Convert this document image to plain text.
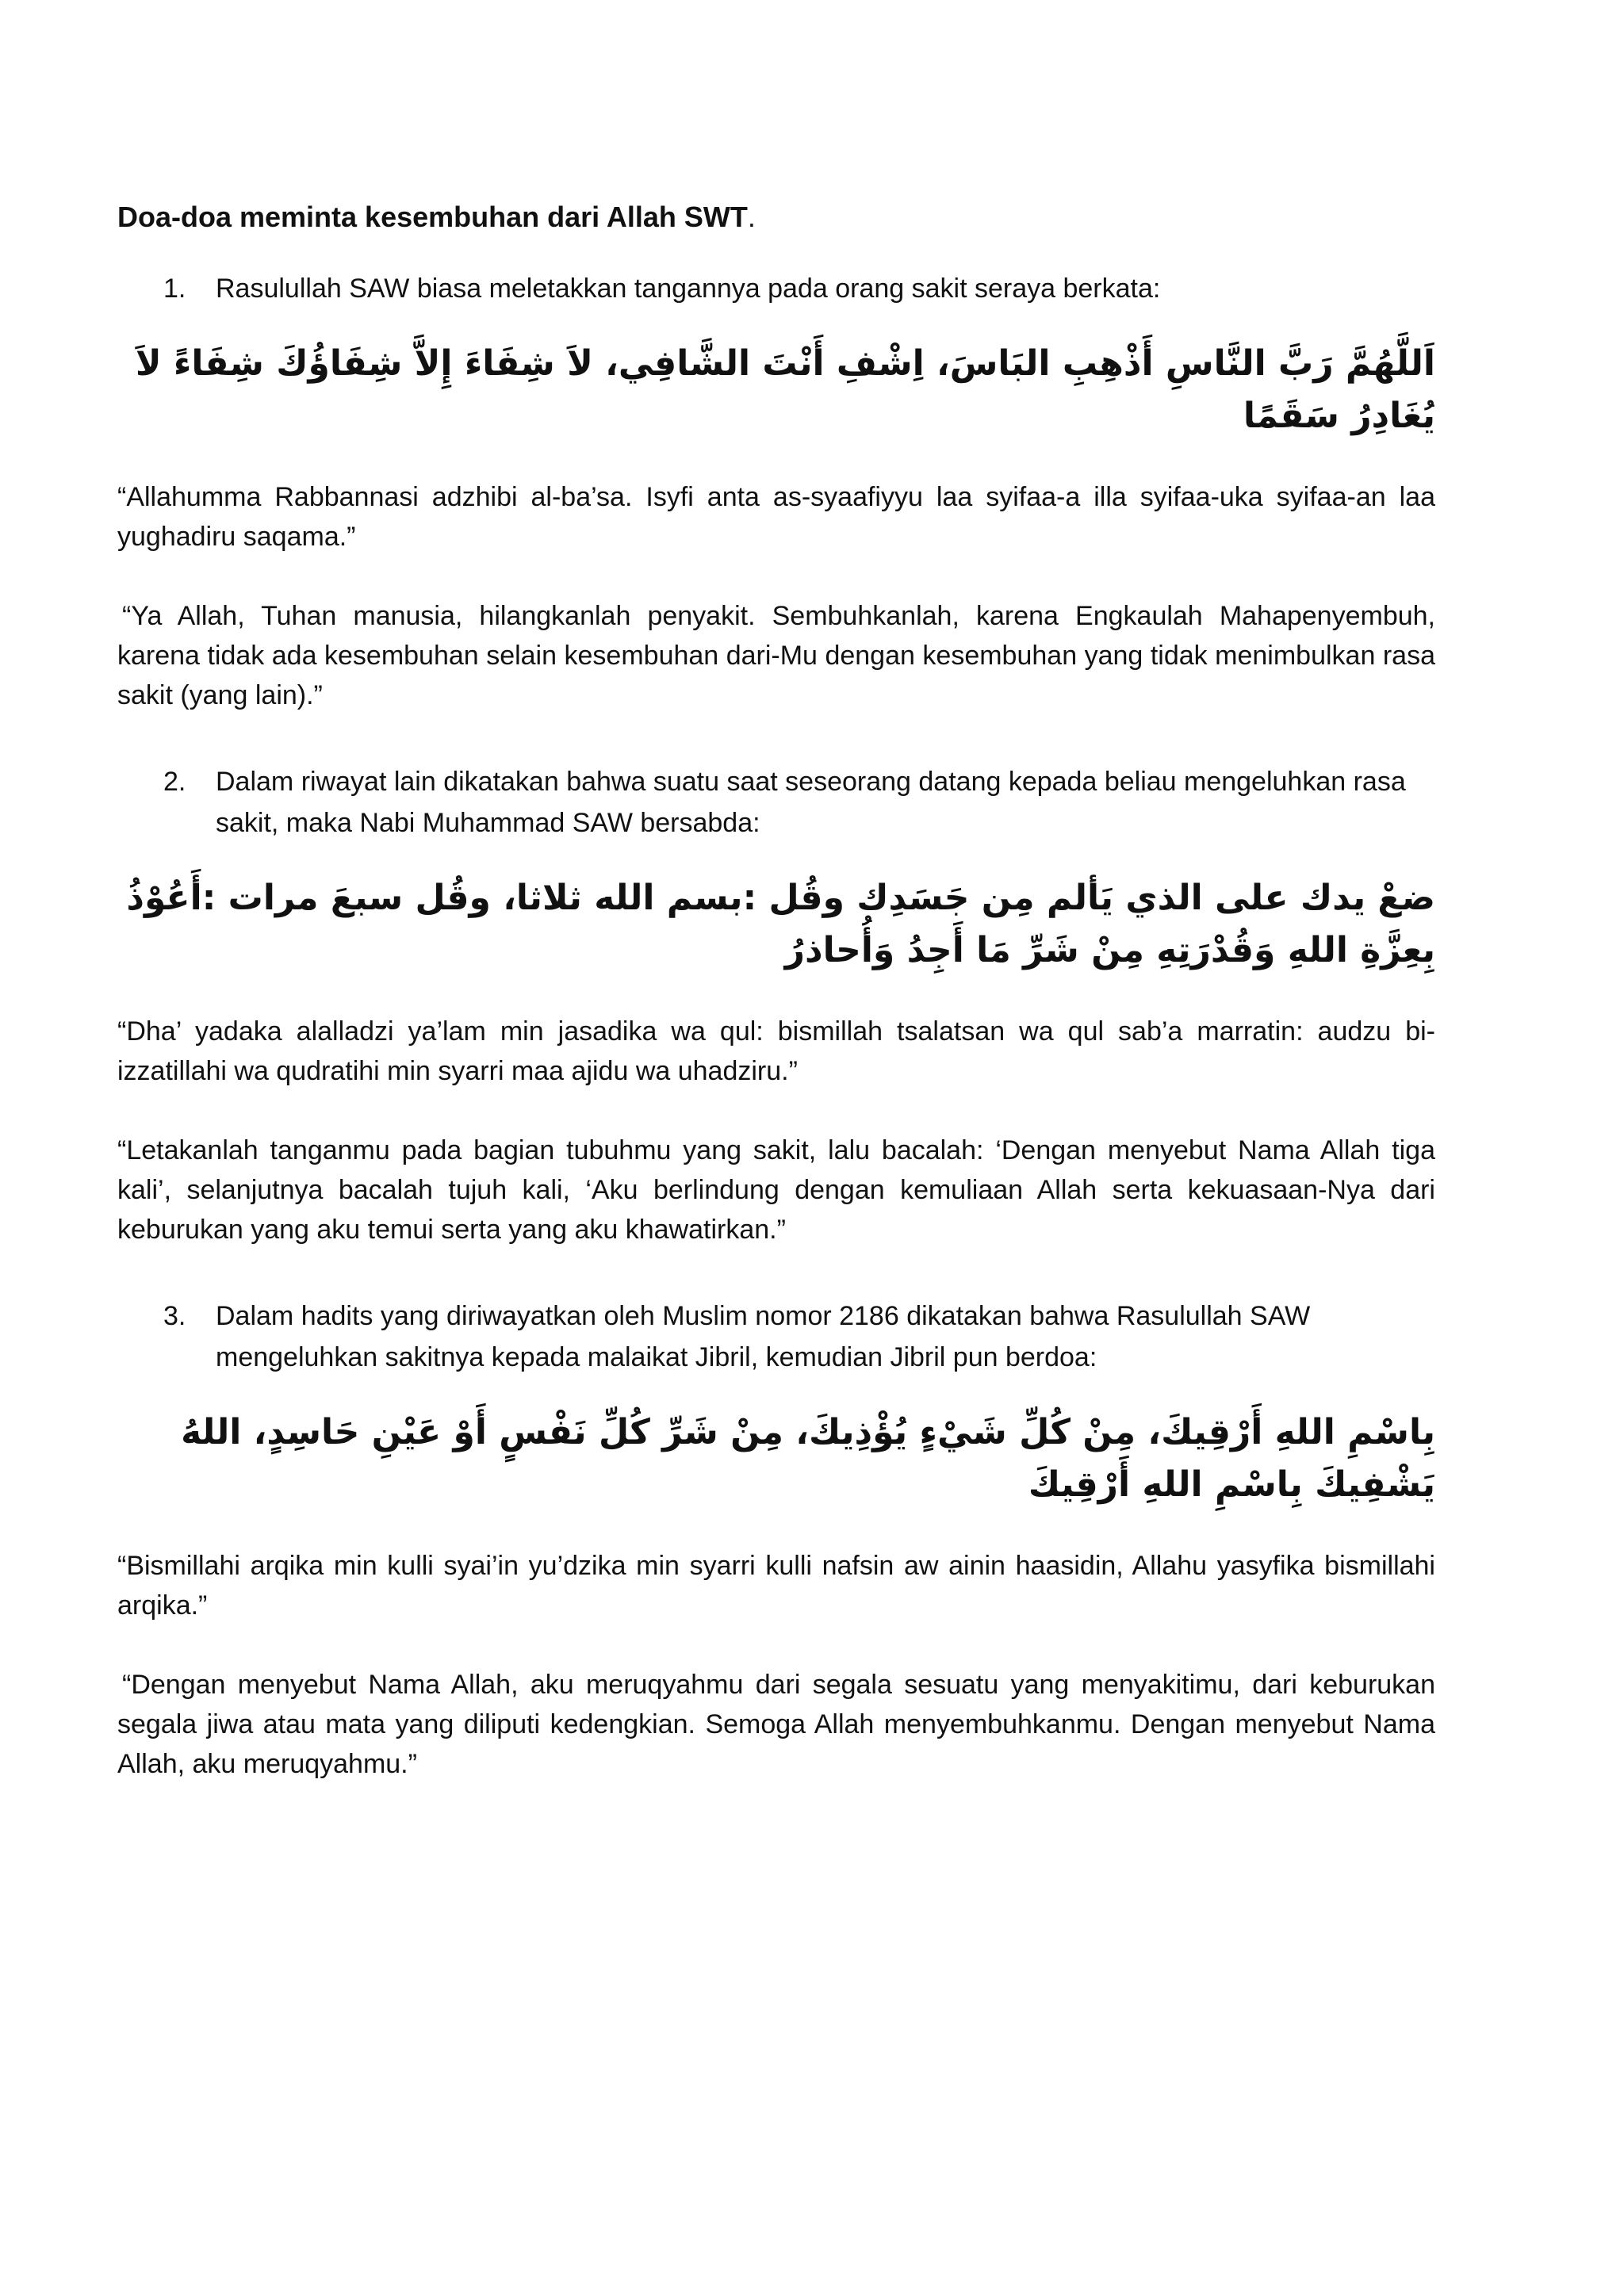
Doa-doa meminta kesembuhan dari Allah SWT.
1. Rasulullah SAW biasa meletakkan tangannya pada orang sakit seraya berkata:
اَللَّهُمَّ رَبَّ النَّاسِ أَذْهِبِ البَاسَ، اِشْفِ أَنْتَ الشَّافِي، لاَ شِفَاءَ إِلاَّ شِفَاؤُكَ شِفَاءً لاَ يُغَادِرُ سَقَمًا
“Allahumma Rabbannasi adzhibi al-ba’sa. Isyfi anta as-syaafiyyu laa syifaa-a illa syifaa-uka syifaa-an laa yughadiru saqama.”
“Ya Allah, Tuhan manusia, hilangkanlah penyakit. Sembuhkanlah, karena Engkaulah Mahapenyembuh, karena tidak ada kesembuhan selain kesembuhan dari-Mu dengan kesembuhan yang tidak menimbulkan rasa sakit (yang lain).”
2. Dalam riwayat lain dikatakan bahwa suatu saat seseorang datang kepada beliau mengeluhkan rasa sakit, maka Nabi Muhammad SAW bersabda:
ضعْ يدك على الذي يَألم مِن جَسَدِك وقُل :بسم الله ثلاثا، وقُل سبعَ مرات :أَعُوْذُ بِعِزَّةِ اللهِ وَقُدْرَتِهِ مِنْ شَرِّ مَا أَجِدُ وَأُحاذرُ
“Dha’ yadaka alalladzi ya’lam min jasadika wa qul: bismillah tsalatsan wa qul sab’a marratin: audzu bi-izzatillahi wa qudratihi min syarri maa ajidu wa uhadziru.”
“Letakanlah tanganmu pada bagian tubuhmu yang sakit, lalu bacalah: ‘Dengan menyebut Nama Allah tiga kali’, selanjutnya bacalah tujuh kali, ‘Aku berlindung dengan kemuliaan Allah serta kekuasaan-Nya dari keburukan yang aku temui serta yang aku khawatirkan.”
3. Dalam hadits yang diriwayatkan oleh Muslim nomor 2186 dikatakan bahwa Rasulullah SAW mengeluhkan sakitnya kepada malaikat Jibril, kemudian Jibril pun berdoa:
بِاسْمِ اللهِ أَرْقِيكَ، مِنْ كُلِّ شَيْءٍ يُؤْذِيكَ، مِنْ شَرِّ كُلِّ نَفْسٍ أَوْ عَيْنِ حَاسِدٍ، اللهُ يَشْفِيكَ بِاسْمِ اللهِ أَرْقِيكَ
“Bismillahi arqika min kulli syai’in yu’dzika min syarri kulli nafsin aw ainin haasidin, Allahu yasyfika bismillahi arqika.”
“Dengan menyebut Nama Allah, aku meruqyahmu dari segala sesuatu yang menyakitimu, dari keburukan segala jiwa atau mata yang diliputi kedengkian. Semoga Allah menyembuhkanmu. Dengan menyebut Nama Allah, aku meruqyahmu.”
